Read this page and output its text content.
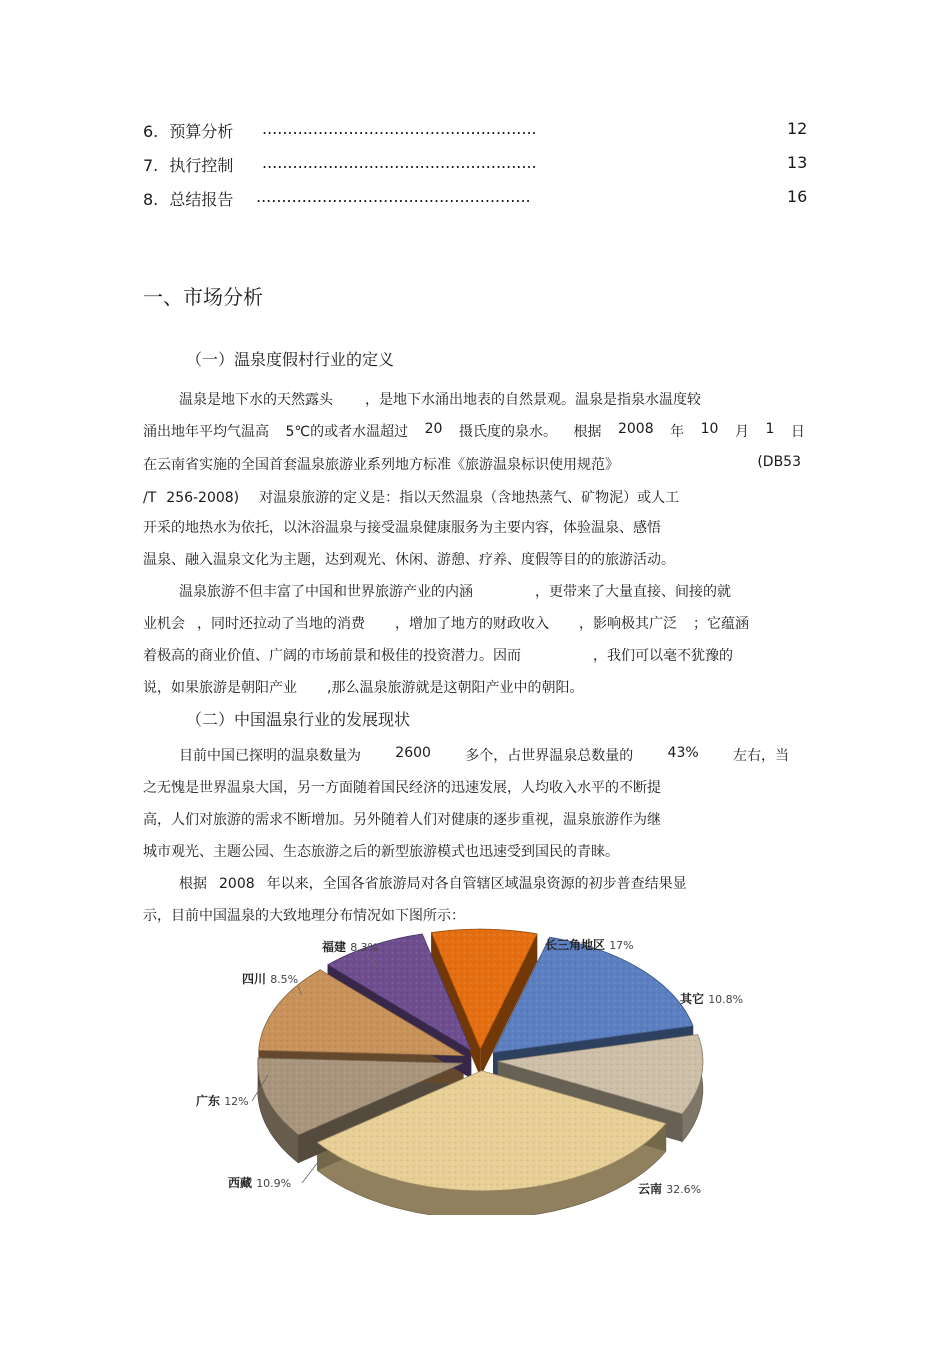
6. 预算分析 ......................................................	12
7. 执行控制 ......................................................	13
8. 总结报告 ......................................................	16
一、市场分析
（一）温泉度假村行业的定义
温泉是地下水的天然露头 ，是地下水涌出地表的自然景观。温泉是指泉水温度较
涌出地年平均气温高 5℃的或者水温超过 20 摄氏度的泉水。 根据 2008 年 10 月 1 日
在云南省实施的全国首套温泉旅游业系列地方标准《旅游温泉标识使用规范》	(DB53
/T 256-2008) 对温泉旅游的定义是：指以天然温泉（含地热蒸气、矿物泥）或人工
开采的地热水为依托，以沐浴温泉与接受温泉健康服务为主要内容，体验温泉、感悟
温泉、融入温泉文化为主题，达到观光、休闲、游憩、疗养、度假等目的的旅游活动。
温泉旅游不但丰富了中国和世界旅游产业的内涵	，更带来了大量直接、间接的就
业机会 ，同时还拉动了当地的消费 ，增加了地方的财政收入 ，影响极其广泛 ；它蕴涵
着极高的商业价值、广阔的市场前景和极佳的投资潜力。因而	，我们可以毫不犹豫的
说，如果旅游是朝阳产业 ,那么温泉旅游就是这朝阳产业中的朝阳。
（二）中国温泉行业的发展现状
目前中国已探明的温泉数量为 2600 多个，占世界温泉总数量的 43% 左右，当
之无愧是世界温泉大国，另一方面随着国民经济的迅速发展，人均收入水平的不断提
高，人们对旅游的需求不断增加。另外随着人们对健康的逐步重视，温泉旅游作为继
城市观光、主题公园、生态旅游之后的新型旅游模式也迅速受到国民的青睐。
根据 2008 年以来，全国各省旅游局对各自管辖区域温泉资源的初步普查结果显
示，目前中国温泉的大致地理分布情况如下图所示：
长三角地区 17%
其它 10.8%
云南 32.6%
西藏 10.9%
广东 12%
四川 8.5%
福建 8.3%
